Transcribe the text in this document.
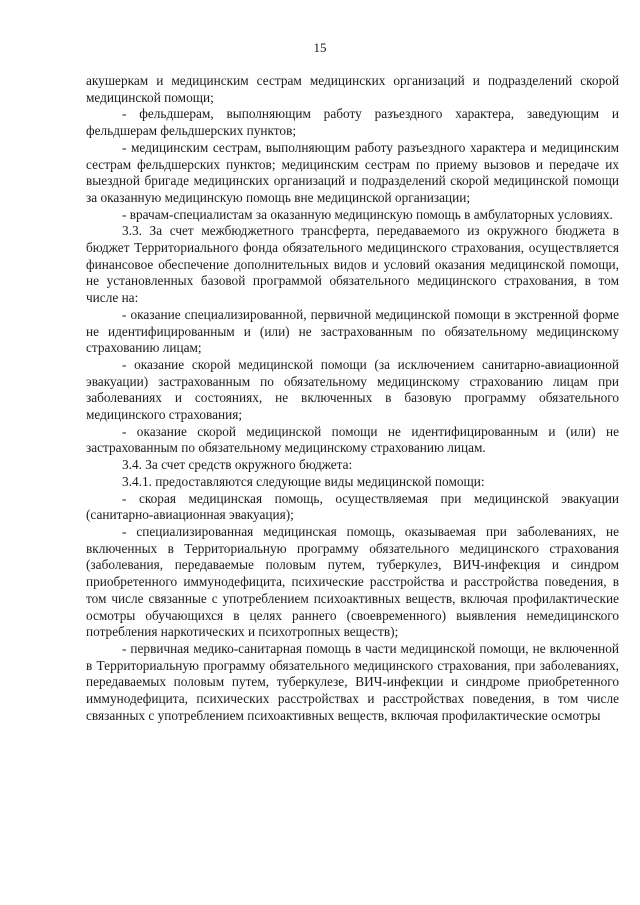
15

акушеркам и медицинским сестрам медицинских организаций и подразделений скорой медицинской помощи;

- фельдшерам, выполняющим работу разъездного характера, заведующим и фельдшерам фельдшерских пунктов;

- медицинским сестрам, выполняющим работу разъездного характера и медицинским сестрам фельдшерских пунктов; медицинским сестрам по приему вызовов и передаче их выездной бригаде медицинских организаций и подразделений скорой медицинской помощи за оказанную медицинскую помощь вне медицинской организации;

- врачам-специалистам за оказанную медицинскую помощь в амбулаторных условиях.

3.3. За счет межбюджетного трансферта, передаваемого из окружного бюджета в бюджет Территориального фонда обязательного медицинского страхования, осуществляется финансовое обеспечение дополнительных видов и условий оказания медицинской помощи, не установленных базовой программой обязательного медицинского страхования, в том числе на:

- оказание специализированной, первичной медицинской помощи в экстренной форме не идентифицированным и (или) не застрахованным по обязательному медицинскому страхованию лицам;

- оказание скорой медицинской помощи (за исключением санитарно-авиационной эвакуации) застрахованным по обязательному медицинскому страхованию лицам при заболеваниях и состояниях, не включенных в базовую программу обязательного медицинского страхования;

- оказание скорой медицинской помощи не идентифицированным и (или) не застрахованным по обязательному медицинскому страхованию лицам.

3.4. За счет средств окружного бюджета:

3.4.1. предоставляются следующие виды медицинской помощи:

- скорая медицинская помощь, осуществляемая при медицинской эвакуации (санитарно-авиационная эвакуация);

- специализированная медицинская помощь, оказываемая при заболеваниях, не включенных в Территориальную программу обязательного медицинского страхования (заболевания, передаваемые половым путем, туберкулез, ВИЧ-инфекция и синдром приобретенного иммунодефицита, психические расстройства и расстройства поведения, в том числе связанные с употреблением психоактивных веществ, включая профилактические осмотры обучающихся в целях раннего (своевременного) выявления немедицинского потребления наркотических и психотропных веществ);

- первичная медико-санитарная помощь в части медицинской помощи, не включенной в Территориальную программу обязательного медицинского страхования, при заболеваниях, передаваемых половым путем, туберкулезе, ВИЧ-инфекции и синдроме приобретенного иммунодефицита, психических расстройствах и расстройствах поведения, в том числе связанных с употреблением психоактивных веществ, включая профилактические осмотры
